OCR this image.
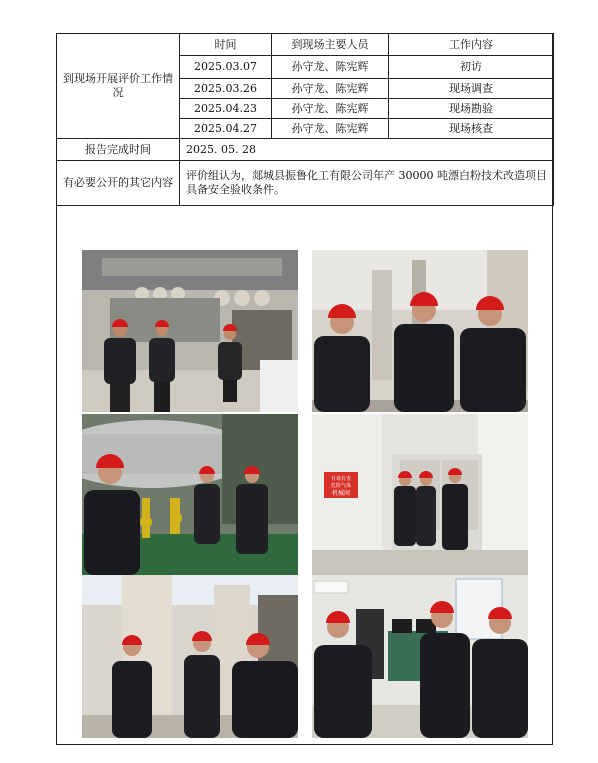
到现场开展评价工作情况	时间	到现场主要人员	工作内容
	2025.03.07	孙守龙、陈宪辉	初访
	2025.03.26	孙守龙、陈宪辉	现场调查
	2025.04.23	孙守龙、陈宪辉	现场勘验
	2025.04.27	孙守龙、陈宪辉	现场核查
报告完成时间	2025. 05. 28		
有必要公开的其它内容	评价组认为，郯城县振鲁化工有限公司年产 30000 吨漂白粉技术改造项目具备安全验收条件。		
有毒有害
危险气体
机械间
